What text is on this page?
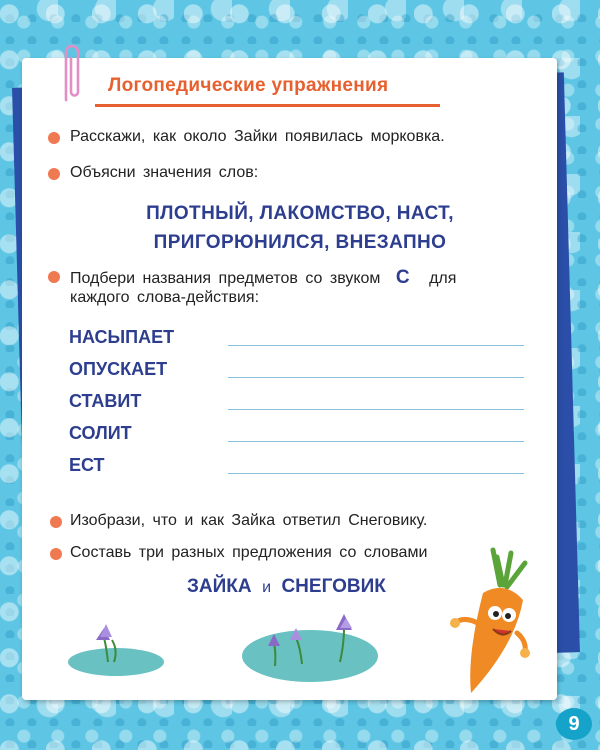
Логопедические упражнения
Расскажи, как около Зайки появилась морковка.
Объясни значения слов:
ПЛОТНЫЙ, ЛАКОМСТВО, НАСТ,
ПРИГОРЮНИЛСЯ, ВНЕЗАПНО
Подбери названия предметов со звуком С для
каждого слова-действия:
НАСЫПАЕТ
ОПУСКАЕТ
СТАВИТ
СОЛИТ
ЕСТ
Изобрази, что и как Зайка ответил Снеговику.
Составь три разных предложения со словами
ЗАЙКА и СНЕГОВИК
9
